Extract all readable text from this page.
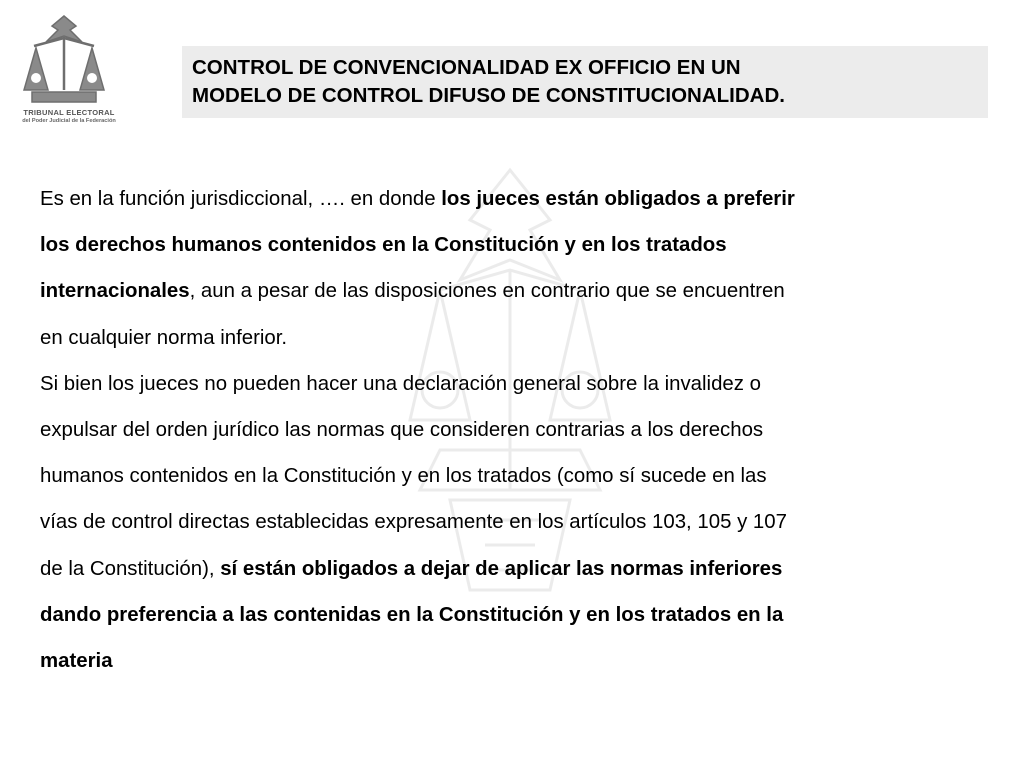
TRIBUNAL ELECTORAL
del Poder Judicial de la Federación
CONTROL DE CONVENCIONALIDAD EX OFFICIO EN UN
MODELO DE CONTROL DIFUSO DE CONSTITUCIONALIDAD.
Es en la función jurisdiccional, …. en donde los jueces están obligados a preferir
los derechos humanos contenidos en la Constitución y en los tratados
internacionales, aun a pesar de las disposiciones en contrario que se encuentren
en cualquier norma inferior.
Si bien los jueces no pueden hacer una declaración general sobre la invalidez o
expulsar del orden jurídico las normas que consideren contrarias a los derechos
humanos contenidos en la Constitución y en los tratados (como sí sucede en las
vías de control directas establecidas expresamente en los artículos 103, 105 y 107
de la Constitución), sí están obligados a dejar de aplicar las normas inferiores
dando preferencia a las contenidas en la Constitución y en los tratados en la
materia
